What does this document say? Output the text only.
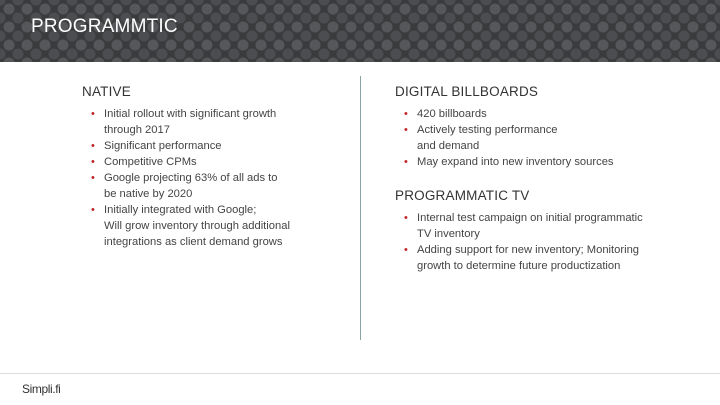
PROGRAMMTIC
NATIVE
• Initial rollout with significant growth
through 2017
• Significant performance
• Competitive CPMs
• Google projecting 63% of all ads to
be native by 2020
• Initially integrated with Google;
Will grow inventory through additional
integrations as client demand grows
DIGITAL BILLBOARDS
• 420 billboards
• Actively testing performance
and demand
• May expand into new inventory sources
PROGRAMMATIC TV
• Internal test campaign on initial programmatic
TV inventory
• Adding support for new inventory; Monitoring
growth to determine future productization
Simpli.fi
